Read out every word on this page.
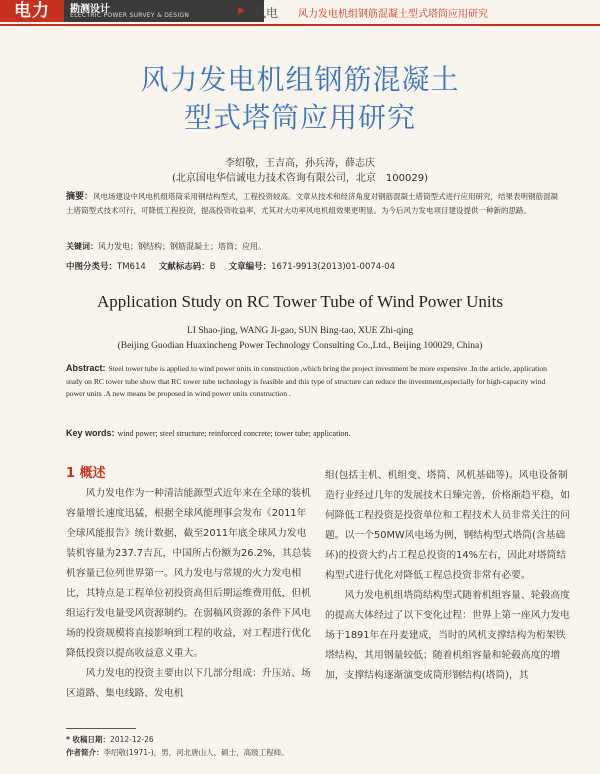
电力	勘测设计
ELECTRIC POWER SURVEY & DESIGN	▶ 风电 风力发电机组钢筋混凝土型式塔筒应用研究
风力发电机组钢筋混凝土
型式塔筒应用研究
李绍敬，王吉高，孙兵涛，薛志庆
(北京国电华信诚电力技术咨询有限公司，北京　100029)
摘要：风电场建设中风电机组塔筒采用钢结构型式，工程投资较高。文章从技术和经济角度对钢筋混凝土塔筒型式进行应用研究，结果表明钢筋混凝土塔筒型式技术可行，可降低工程投资，提高投资收益率，尤其对大功率风电机组效果更明显。为今后风力发电项目建设提供一种新的思路。
关键词：风力发电；钢结构；钢筋混凝土；塔筒；应用。
中图分类号：TM614 文献标志码：B 文章编号：1671-9913(2013)01-0074-04
Application Study on RC Tower Tube of Wind Power Units
LI Shao-jing, WANG Ji-gao, SUN Bing-tao, XUE Zhi-qing
(Beijing Guodian Huaxincheng Power Technology Consulting Co.,Ltd., Beijing 100029, China)
Abstract: Steel tower tube is applied to wind power units in construction ,which bring the project investment be more expensive .In the article, application study on RC tower tube show that RC tower tube technology is feasible and this type of structure can reduce the investment,especially for high-capacity wind power units .A new means be proposed in wind power units construction .
Key words: wind power; steel structure; reinforced concrete; tower tube; application.
1 概述

风力发电作为一种清洁能源型式近年来在全球的装机容量增长速度迅猛，根据全球风能理事会发布《2011年全球风能报告》统计数据，截至2011年底全球风力发电装机容量为237.7吉瓦，中国所占份额为26.2%，其总装机容量已位列世界第一。风力发电与常规的火力发电相比，其特点是工程单位初投资高但后期运维费用低，但机组运行发电量受风资源制约。在弱稿风资源的条件下风电场的投资规模将直接影响到工程的收益，对工程进行优化降低投资以提高收益意义重大。

风力发电的投资主要由以下几部分组成：升压站、场区道路、集电线路、发电机

组(包括主机、机组变、塔筒、风机基础等)。风电设备制造行业经过几年的发展技术日臻完善，价格渐趋平稳，如何降低工程投资是投资单位和工程技术人员非常关注的问题。以一个50MW风电场为例，钢结构型式塔筒(含基础环)的投资大约占工程总投资的14%左右，因此对塔筒结构型式进行优化对降低工程总投资非常有必要。

风力发电机组塔筒结构型式随着机组容量、轮毂高度的提高大体经过了以下变化过程：世界上第一座风力发电场于1891年在丹麦建成，当时的风机支撑结构为桁架铁塔结构，其用钢量较低；随着机组容量和轮毂高度的增加，支撑结构逐渐演变成筒形钢结构(塔筒)，其

* 收稿日期：2012-12-26
作者简介：李绍敬(1971-)，男，河北唐山人，硕士，高级工程师。
